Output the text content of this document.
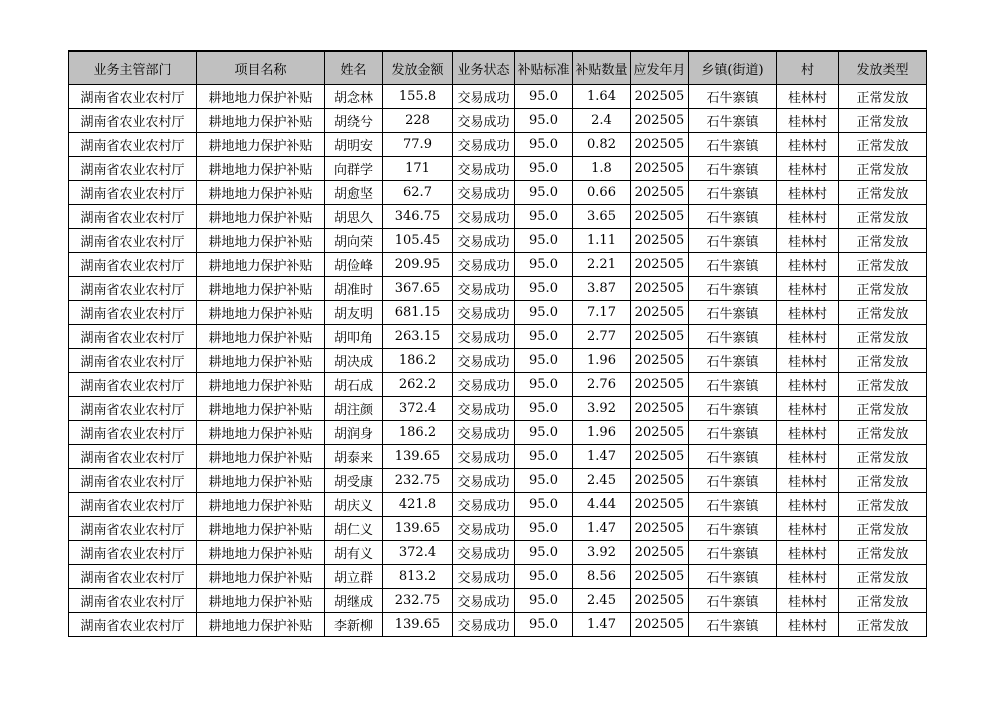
业务主管部门	项目名称	姓名	发放金额	业务状态	补贴标准	补贴数量	应发年月	乡镇(街道)	村	发放类型
湖南省农业农村厅	耕地地力保护补贴	胡念林	155.8	交易成功	95.0	1.64	202505	石牛寨镇	桂林村	正常发放
湖南省农业农村厅	耕地地力保护补贴	胡绕兮	228	交易成功	95.0	2.4	202505	石牛寨镇	桂林村	正常发放
湖南省农业农村厅	耕地地力保护补贴	胡明安	77.9	交易成功	95.0	0.82	202505	石牛寨镇	桂林村	正常发放
湖南省农业农村厅	耕地地力保护补贴	向群学	171	交易成功	95.0	1.8	202505	石牛寨镇	桂林村	正常发放
湖南省农业农村厅	耕地地力保护补贴	胡愈坚	62.7	交易成功	95.0	0.66	202505	石牛寨镇	桂林村	正常发放
湖南省农业农村厅	耕地地力保护补贴	胡思久	346.75	交易成功	95.0	3.65	202505	石牛寨镇	桂林村	正常发放
湖南省农业农村厅	耕地地力保护补贴	胡向荣	105.45	交易成功	95.0	1.11	202505	石牛寨镇	桂林村	正常发放
湖南省农业农村厅	耕地地力保护补贴	胡俭峰	209.95	交易成功	95.0	2.21	202505	石牛寨镇	桂林村	正常发放
湖南省农业农村厅	耕地地力保护补贴	胡准时	367.65	交易成功	95.0	3.87	202505	石牛寨镇	桂林村	正常发放
湖南省农业农村厅	耕地地力保护补贴	胡友明	681.15	交易成功	95.0	7.17	202505	石牛寨镇	桂林村	正常发放
湖南省农业农村厅	耕地地力保护补贴	胡叩角	263.15	交易成功	95.0	2.77	202505	石牛寨镇	桂林村	正常发放
湖南省农业农村厅	耕地地力保护补贴	胡决成	186.2	交易成功	95.0	1.96	202505	石牛寨镇	桂林村	正常发放
湖南省农业农村厅	耕地地力保护补贴	胡石成	262.2	交易成功	95.0	2.76	202505	石牛寨镇	桂林村	正常发放
湖南省农业农村厅	耕地地力保护补贴	胡注颜	372.4	交易成功	95.0	3.92	202505	石牛寨镇	桂林村	正常发放
湖南省农业农村厅	耕地地力保护补贴	胡润身	186.2	交易成功	95.0	1.96	202505	石牛寨镇	桂林村	正常发放
湖南省农业农村厅	耕地地力保护补贴	胡泰来	139.65	交易成功	95.0	1.47	202505	石牛寨镇	桂林村	正常发放
湖南省农业农村厅	耕地地力保护补贴	胡受康	232.75	交易成功	95.0	2.45	202505	石牛寨镇	桂林村	正常发放
湖南省农业农村厅	耕地地力保护补贴	胡庆义	421.8	交易成功	95.0	4.44	202505	石牛寨镇	桂林村	正常发放
湖南省农业农村厅	耕地地力保护补贴	胡仁义	139.65	交易成功	95.0	1.47	202505	石牛寨镇	桂林村	正常发放
湖南省农业农村厅	耕地地力保护补贴	胡有义	372.4	交易成功	95.0	3.92	202505	石牛寨镇	桂林村	正常发放
湖南省农业农村厅	耕地地力保护补贴	胡立群	813.2	交易成功	95.0	8.56	202505	石牛寨镇	桂林村	正常发放
湖南省农业农村厅	耕地地力保护补贴	胡继成	232.75	交易成功	95.0	2.45	202505	石牛寨镇	桂林村	正常发放
湖南省农业农村厅	耕地地力保护补贴	李新柳	139.65	交易成功	95.0	1.47	202505	石牛寨镇	桂林村	正常发放
